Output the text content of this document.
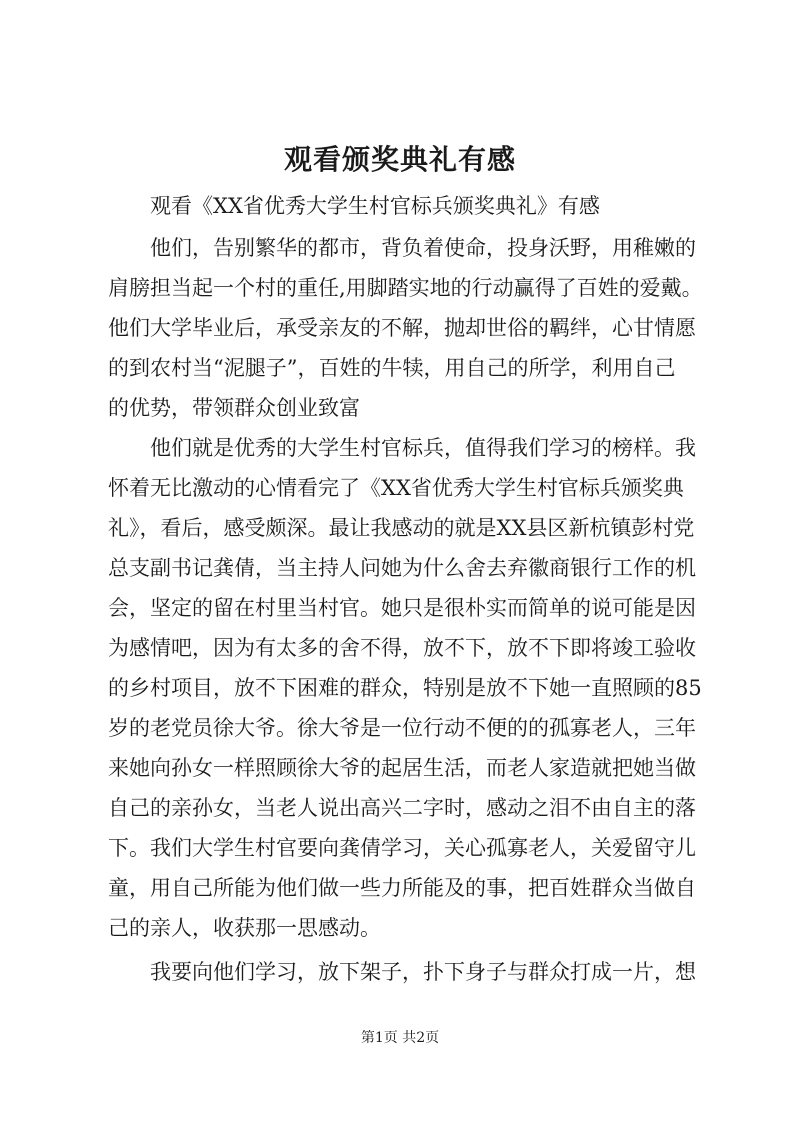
观看颁奖典礼有感
观看《XX省优秀大学生村官标兵颁奖典礼》有感
他们，告别繁华的都市，背负着使命，投身沃野，用稚嫩的
肩膀担当起一个村的重任,用脚踏实地的行动赢得了百姓的爱戴。
他们大学毕业后，承受亲友的不解，抛却世俗的羁绊，心甘情愿
的到农村当“泥腿子”，百姓的牛犊，用自己的所学，利用自己
的优势，带领群众创业致富
他们就是优秀的大学生村官标兵，值得我们学习的榜样。我
怀着无比激动的心情看完了《XX省优秀大学生村官标兵颁奖典
礼》，看后，感受颇深。最让我感动的就是XX县区新杭镇彭村党
总支副书记龚倩，当主持人问她为什么舍去弃徽商银行工作的机
会，坚定的留在村里当村官。她只是很朴实而简单的说可能是因
为感情吧，因为有太多的舍不得，放不下，放不下即将竣工验收
的乡村项目，放不下困难的群众，特别是放不下她一直照顾的85
岁的老党员徐大爷。徐大爷是一位行动不便的的孤寡老人，三年
来她向孙女一样照顾徐大爷的起居生活，而老人家造就把她当做
自己的亲孙女，当老人说出高兴二字时，感动之泪不由自主的落
下。我们大学生村官要向龚倩学习，关心孤寡老人，关爱留守儿
童，用自己所能为他们做一些力所能及的事，把百姓群众当做自
己的亲人，收获那一思感动。
我要向他们学习，放下架子，扑下身子与群众打成一片，想
第1页 共2页
